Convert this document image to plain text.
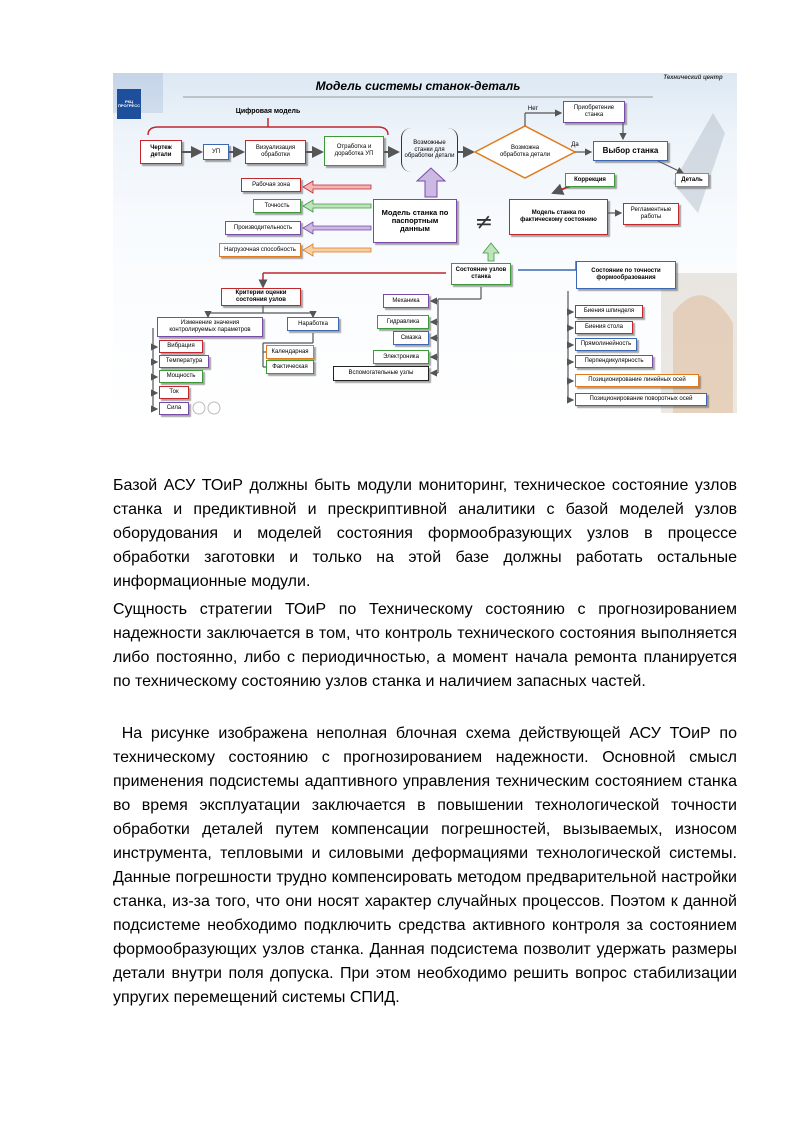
≠
РКЦ ПРОГРЕСС
Модель системы станок-деталь
Технический центр
Цифровая модель
Чертеж детали
УП
Визуализация обработки
Отработка и доработка УП
Возможные станки для обработки детали
Возможна обработка детали
Нет
Да
Приобретение станка
Выбор станка
Коррекция	Деталь
Рабочая зона
Точность
Производительность
Нагрузочная способность
Модель станка по паспортным данным
Модель станка по фактическому состоянию
Регламентные работы
Состояние узлов станка
Критерии оценки состояния узлов
Изменение значения контролируемых параметров
Наработка
Вибрация
Температура
Мощность
Ток
Сила
Календарная
Фактическая
Механика
Гидравлика
Смазка
Электроника
Вспомогательные узлы
Состояние по точности формообразования
Биения шпинделя
Биения стола
Прямолинейность
Перпендикулярность
Позиционирование линейных осей
Позиционирование поворотных осей

Базой АСУ ТОиР должны быть модули мониторинг, техническое состояние узлов станка и предиктивной и прескриптивной аналитики с базой моделей узлов оборудования и моделей состояния формообразующих узлов в процессе обработки заготовки и только на этой базе должны работать остальные информационные модули.

Сущность стратегии ТОиР по Техническому состоянию с прогнозированием надежности заключается в том, что контроль технического состояния выполняется либо постоянно, либо с периодичностью, а момент начала ремонта планируется по техническому состоянию узлов станка и наличием запасных частей.

На рисунке изображена неполная блочная схема действующей АСУ ТОиР по техническому состоянию с прогнозированием надежности. Основной смысл применения подсистемы адаптивного управления техническим состоянием станка во время эксплуатации заключается в повышении технологической точности обработки деталей путем компенсации погрешностей, вызываемых, износом инструмента, тепловыми и силовыми деформациями технологической системы. Данные погрешности трудно компенсировать методом предварительной настройки станка, из-за того, что они носят характер случайных процессов. Поэтом к данной подсистеме необходимо подключить средства активного контроля за состоянием формообразующих узлов станка. Данная подсистема позволит удержать размеры детали внутри поля допуска. При этом необходимо решить вопрос стабилизации упругих перемещений системы СПИД.
